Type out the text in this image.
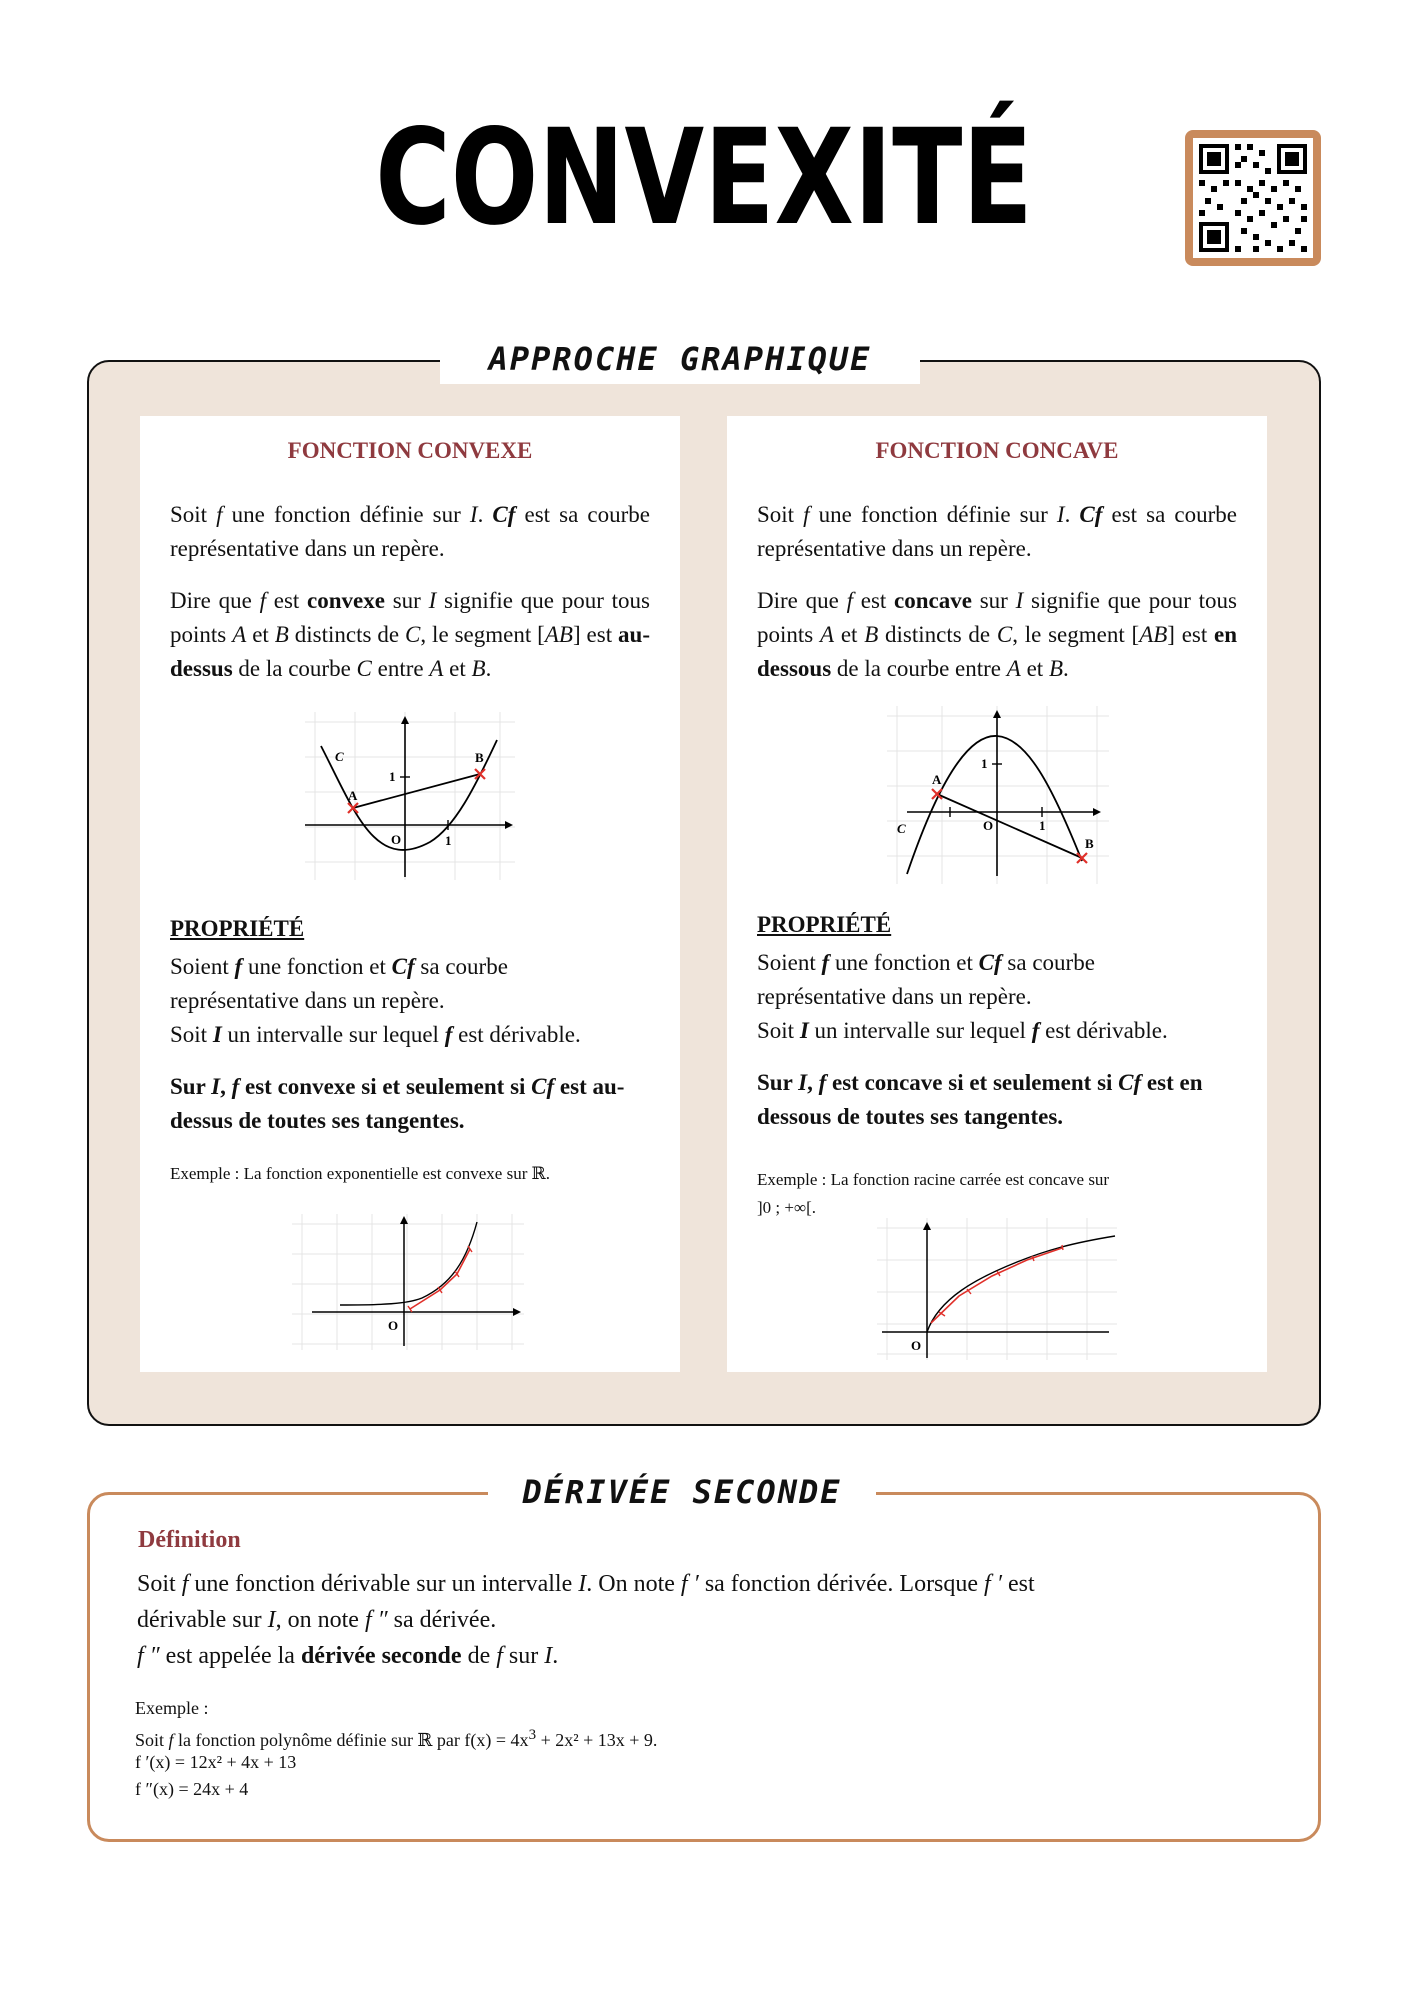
CONVEXITÉ
APPROCHE GRAPHIQUE
FONCTION CONVEXE
Soit f une fonction définie sur I. Cf est sa courbe représentative dans un repère.
Dire que f est convexe sur I signifie que pour tous points A et B distincts de C, le segment [AB] est au-dessus de la courbe C entre A et B.
C
A
B
O	1
1
PROPRIÉTÉ
Soient f une fonction et Cf sa courbe
représentative dans un repère.
Soit I un intervalle sur lequel f est dérivable.
Sur I, f est convexe si et seulement si Cf est au-dessus de toutes ses tangentes.
Exemple : La fonction exponentielle est convexe sur ℝ.
O
FONCTION CONCAVE
Soit f une fonction définie sur I. Cf est sa courbe représentative dans un repère.
Dire que f est concave sur I signifie que pour tous points A et B distincts de C, le segment [AB] est en dessous de la courbe entre A et B.
C
A
B
O	1
1
PROPRIÉTÉ
Soient f une fonction et Cf sa courbe
représentative dans un repère.
Soit I un intervalle sur lequel f est dérivable.
Sur I, f est concave si et seulement si Cf est en dessous de toutes ses tangentes.
Exemple : La fonction racine carrée est concave sur
]0 ; +∞[.
O
DÉRIVÉE SECONDE
Définition
Soit f une fonction dérivable sur un intervalle I. On note f ′ sa fonction dérivée. Lorsque f ′ est
dérivable sur I, on note f ″ sa dérivée.
f ″ est appelée la dérivée seconde de f sur I.
Exemple :
Soit f la fonction polynôme définie sur ℝ par $f(x) = 4x^3 + 2x^2 + 13x + 9$.
f ′(x) = 12x² + 4x + 13
f ″(x) = 24x + 4
